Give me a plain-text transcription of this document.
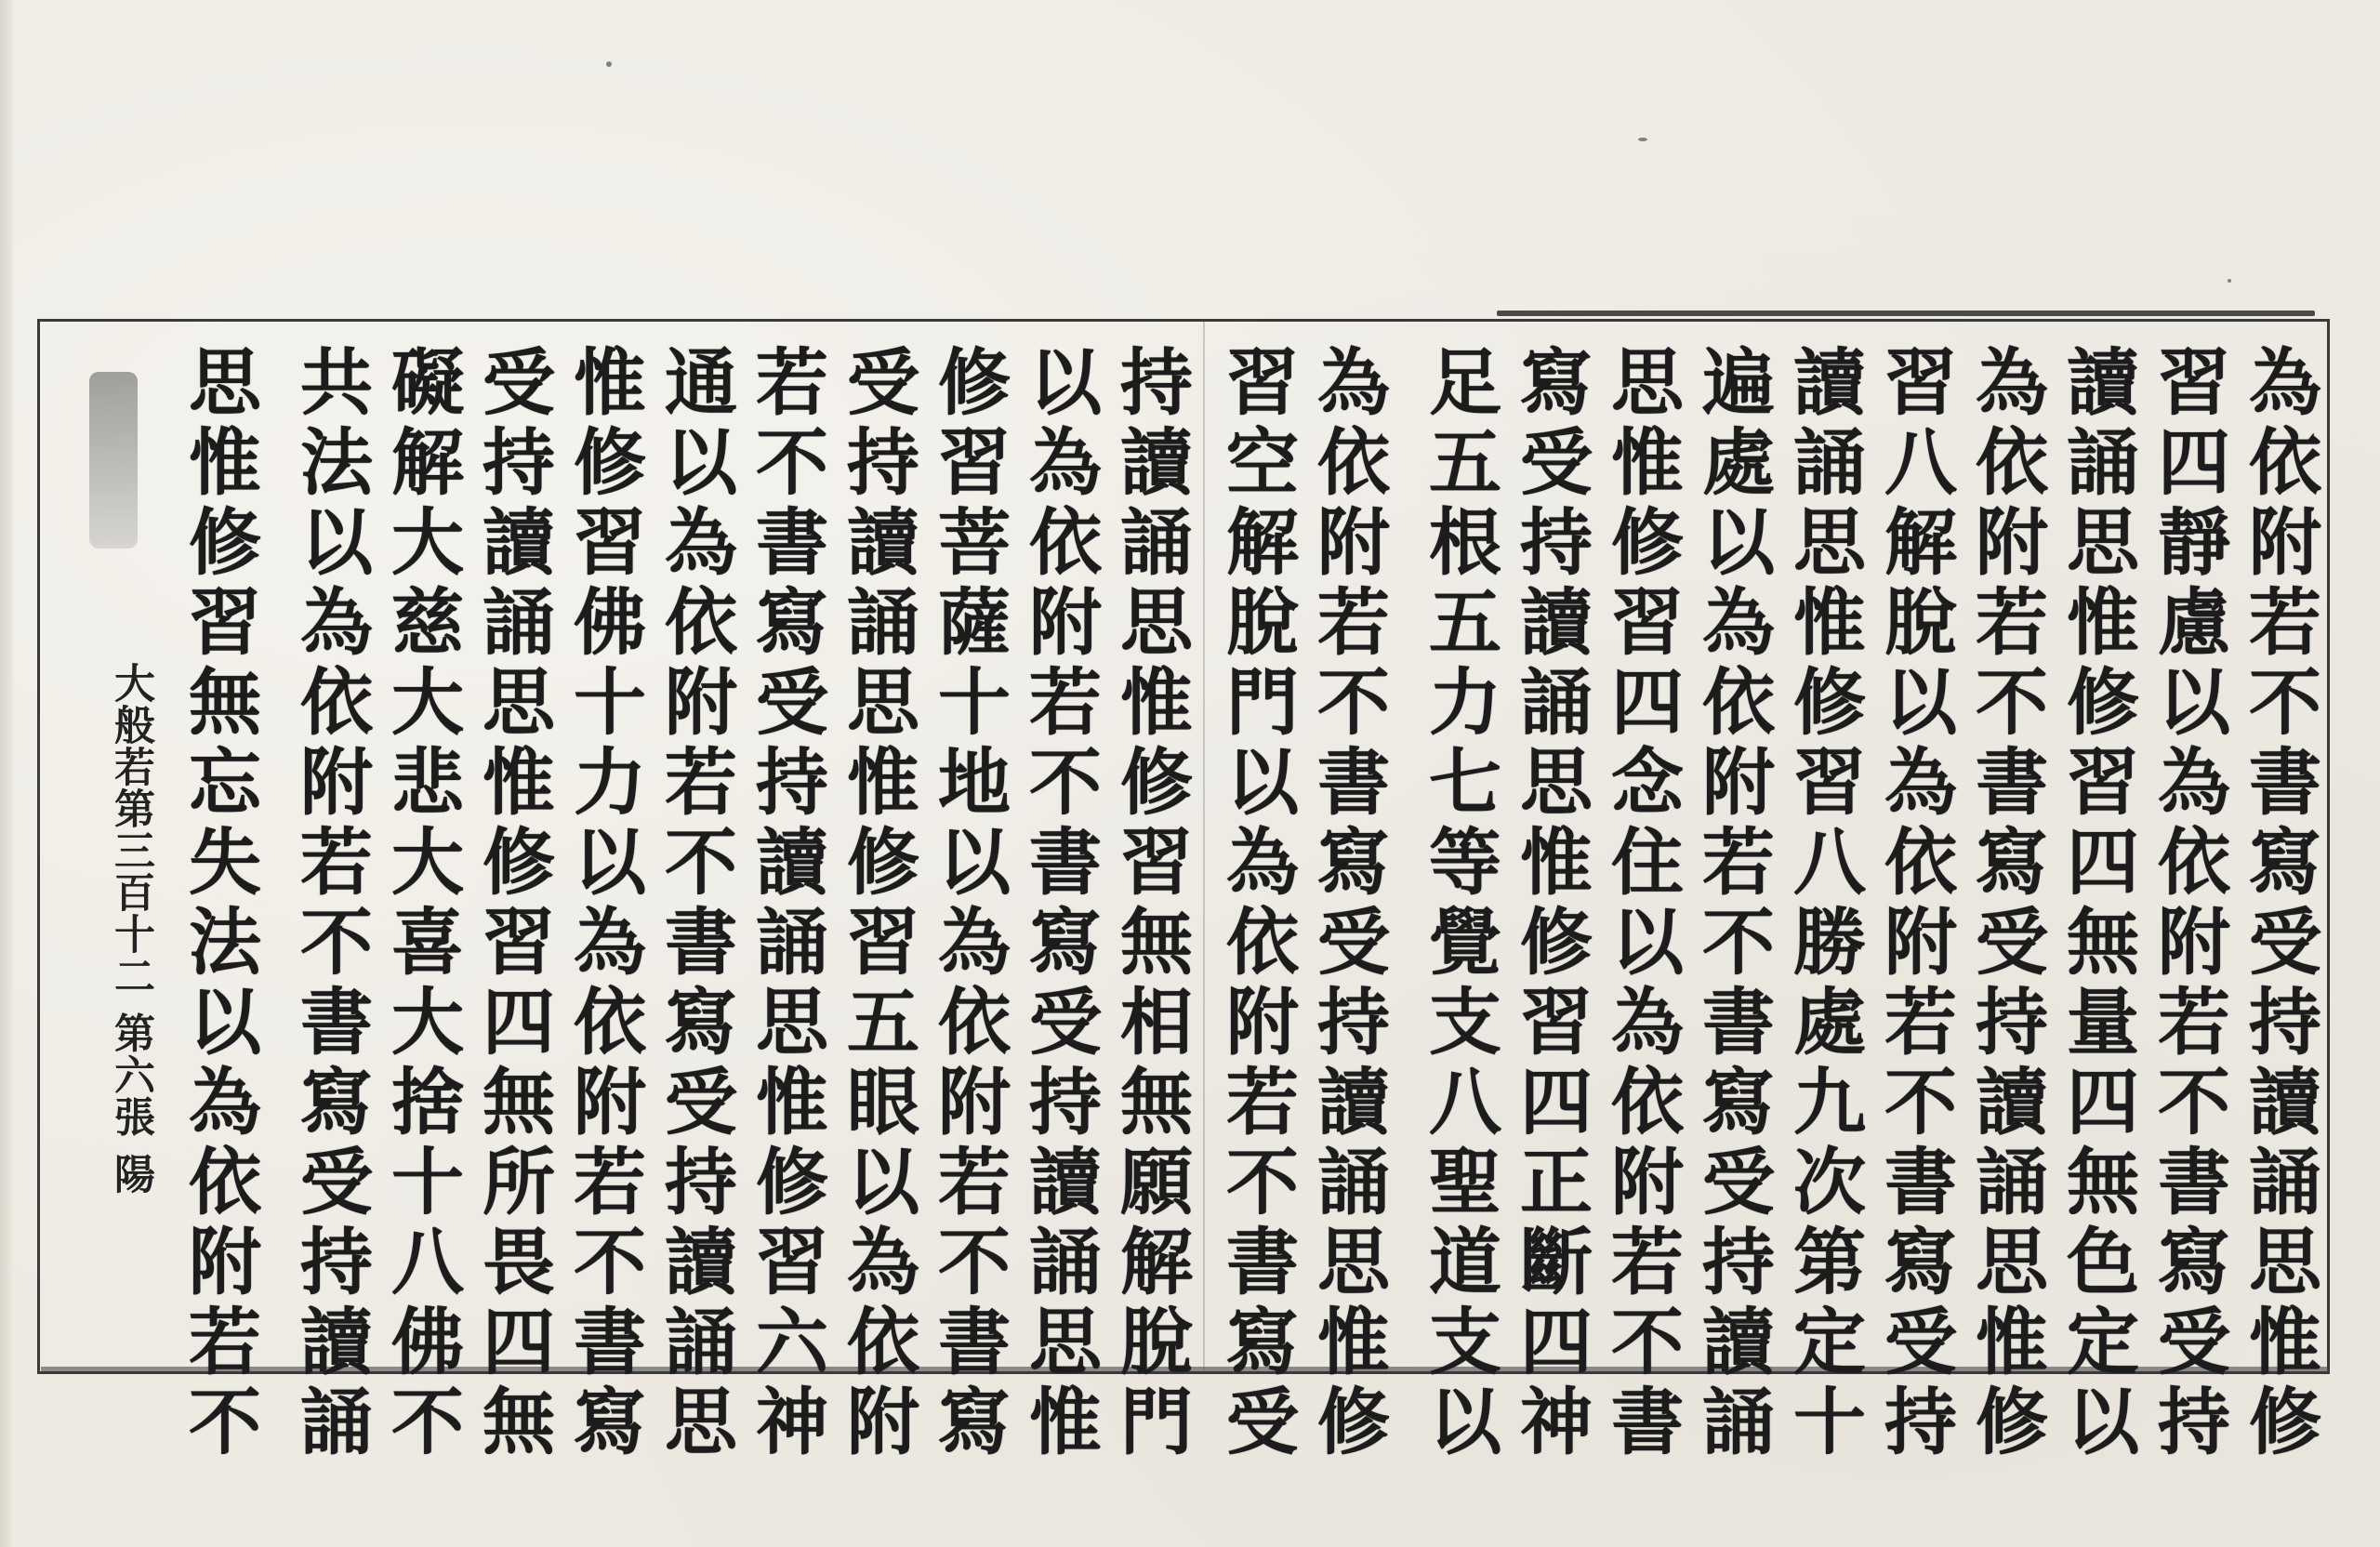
為依附若不書寫受持讀誦思惟修
習四靜慮以為依附若不書寫受持
讀誦思惟修習四無量四無色定以
為依附若不書寫受持讀誦思惟修
習八解脫以為依附若不書寫受持
讀誦思惟修習八勝處九次第定十
遍處以為依附若不書寫受持讀誦
思惟修習四念住以為依附若不書
寫受持讀誦思惟修習四正斷四神
足五根五力七等覺支八聖道支以
為依附若不書寫受持讀誦思惟修
習空解脫門以為依附若不書寫受
持讀誦思惟修習無相無願解脫門
以為依附若不書寫受持讀誦思惟
修習菩薩十地以為依附若不書寫
受持讀誦思惟修習五眼以為依附
若不書寫受持讀誦思惟修習六神
通以為依附若不書寫受持讀誦思
惟修習佛十力以為依附若不書寫
受持讀誦思惟修習四無所畏四無
礙解大慈大悲大喜大捨十八佛不
共法以為依附若不書寫受持讀誦
思惟修習無忘失法以為依附若不
大般若第三百十二 第六張 陽
